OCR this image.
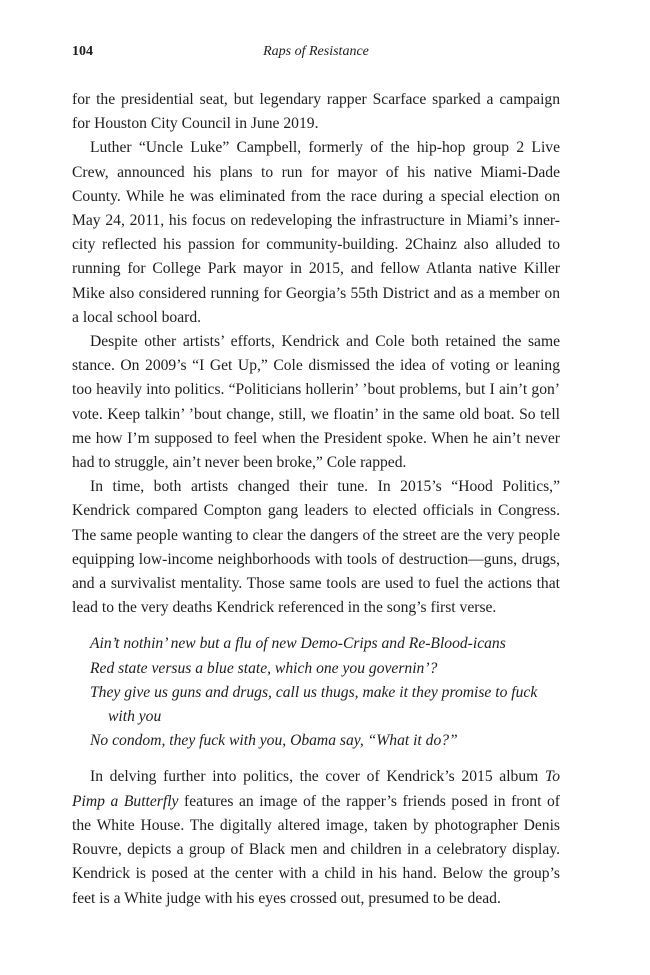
104	Raps of Resistance

for the presidential seat, but legendary rapper Scarface sparked a campaign for Houston City Council in June 2019.

Luther “Uncle Luke” Campbell, formerly of the hip-hop group 2 Live Crew, announced his plans to run for mayor of his native Miami-Dade County. While he was eliminated from the race during a special election on May 24, 2011, his focus on redeveloping the infrastructure in Miami’s inner-city reflected his passion for community-building. 2Chainz also alluded to running for College Park mayor in 2015, and fellow Atlanta native Killer Mike also considered running for Georgia’s 55th District and as a member on a local school board.

Despite other artists’ efforts, Kendrick and Cole both retained the same stance. On 2009’s “I Get Up,” Cole dismissed the idea of voting or leaning too heavily into politics. “Politicians hollerin’ ’bout problems, but I ain’t gon’ vote. Keep talkin’ ’bout change, still, we floatin’ in the same old boat. So tell me how I’m supposed to feel when the President spoke. When he ain’t never had to struggle, ain’t never been broke,” Cole rapped.

In time, both artists changed their tune. In 2015’s “Hood Politics,” Kendrick compared Compton gang leaders to elected officials in Congress. The same people wanting to clear the dangers of the street are the very people equipping low-income neighborhoods with tools of destruction—guns, drugs, and a survivalist mentality. Those same tools are used to fuel the actions that lead to the very deaths Kendrick referenced in the song’s first verse.

Ain’t nothin’ new but a flu of new Demo-Crips and Re-Blood-icans
Red state versus a blue state, which one you governin’?
They give us guns and drugs, call us thugs, make it they promise to fuck with you
No condom, they fuck with you, Obama say, “What it do?”

In delving further into politics, the cover of Kendrick’s 2015 album To Pimp a Butterfly features an image of the rapper’s friends posed in front of the White House. The digitally altered image, taken by photographer Denis Rouvre, depicts a group of Black men and children in a celebratory display. Kendrick is posed at the center with a child in his hand. Below the group’s feet is a White judge with his eyes crossed out, presumed to be dead.
